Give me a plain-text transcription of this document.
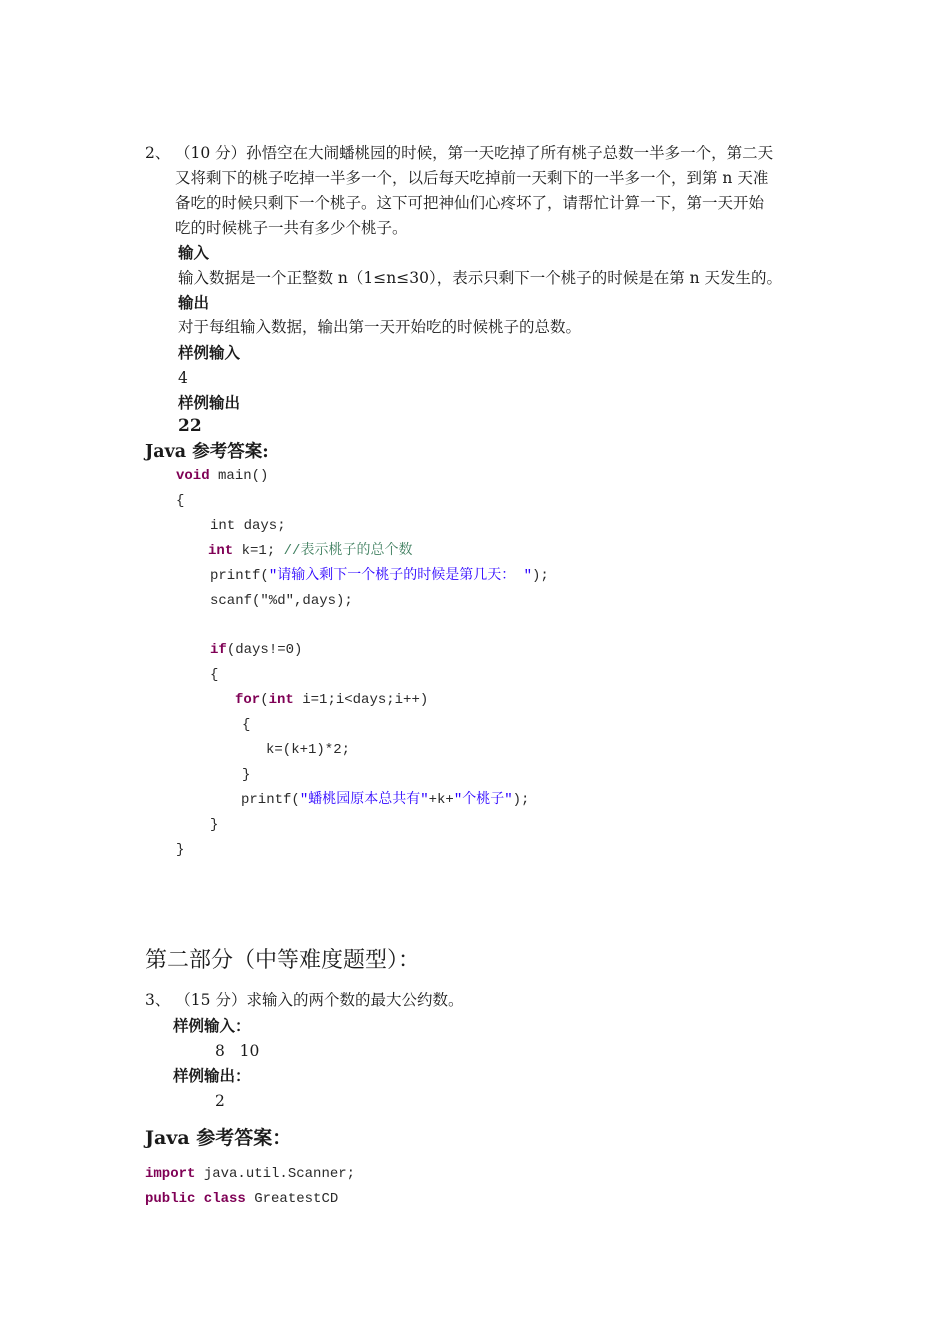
2、 （10 分）孙悟空在大闹蟠桃园的时候，第一天吃掉了所有桃子总数一半多一个，第二天
又将剩下的桃子吃掉一半多一个，以后每天吃掉前一天剩下的一半多一个，到第 n 天准
备吃的时候只剩下一个桃子。这下可把神仙们心疼坏了，请帮忙计算一下，第一天开始
吃的时候桃子一共有多少个桃子。
输入
输入数据是一个正整数 n（1≤n≤30），表示只剩下一个桃子的时候是在第 n 天发生的。
输出
对于每组输入数据，输出第一天开始吃的时候桃子的总数。
样例输入
4
样例输出
22
Java 参考答案:
void main()
{
int days;
int k=1; //表示桃子的总个数
printf("请输入剩下一个桃子的时候是第几天： ");
scanf("%d",days);
if(days!=0)
{
for(int i=1;i<days;i++)
{
k=(k+1)*2;
}
printf("蟠桃园原本总共有"+k+"个桃子");
}
}
第二部分（中等难度题型）：
3、 （15 分）求输入的两个数的最大公约数。
样例输入：
8   10
样例输出：
2
Java 参考答案：
import java.util.Scanner;
public class GreatestCD
